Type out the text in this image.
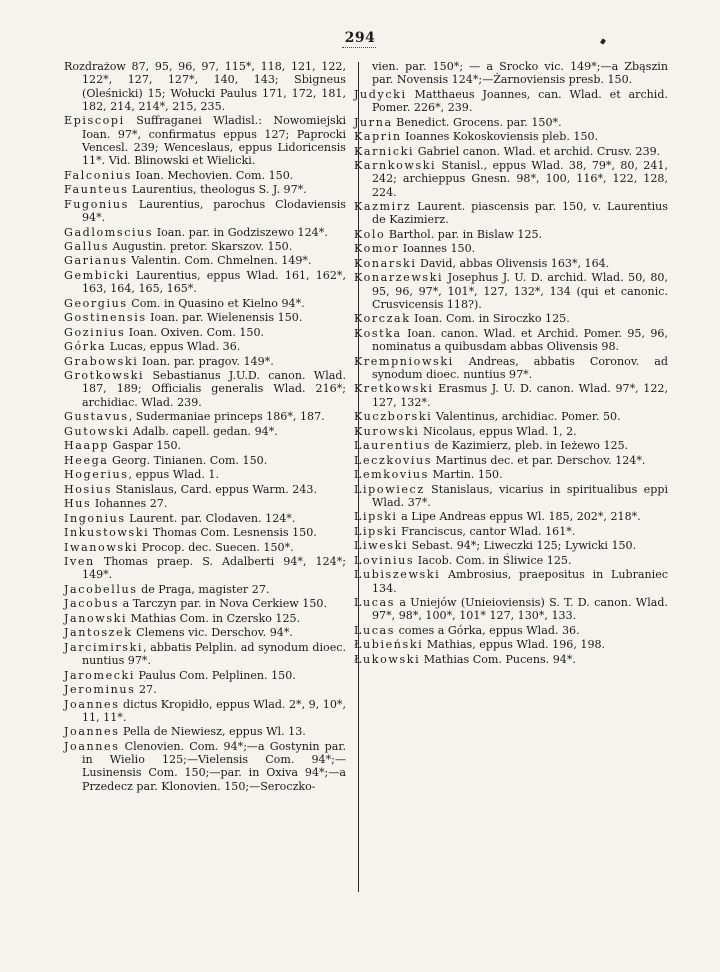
294
Rozdrażow 87, 95, 96, 97, 115*, 118, 121, 122, 122*, 127, 127*, 140, 143; Sbigneus (Oleśnicki) 15; Wołucki Paulus 171, 172, 181, 182, 214, 214*, 215, 235.
Episcopi Suffraganei Wladisl.: Nowomiejski Ioan. 97*, confirmatus eppus 127; Paprocki Vencesl. 239; Wenceslaus, eppus Lidoricensis 11*. Vid. Blinowski et Wielicki.
Falconius Ioan. Mechovien. Com. 150.
Faunteus Laurentius, theologus S. J. 97*.
Fugonius Laurentius, parochus Clodaviensis 94*.
Gadlomscius Ioan. par. in Godziszewo 124*.
Gallus Augustin. pretor. Skarszov. 150.
Garianus Valentin. Com. Chmelnen. 149*.
Gembicki Laurentius, eppus Wlad. 161, 162*, 163, 164, 165, 165*.
Georgius Com. in Quasino et Kielno 94*.
Gostinensis Ioan. par. Wielenensis 150.
Gozinius Ioan. Oxiven. Com. 150.
Górka Lucas, eppus Wlad. 36.
Grabowski Ioan. par. pragov. 149*.
Grotkowski Sebastianus J.U.D. canon. Wlad. 187, 189; Officialis generalis Wlad. 216*; archidiac. Wlad. 239.
Gustavus, Sudermaniae princeps 186*, 187.
Gutowski Adalb. capell. gedan. 94*.
Haapp Gaspar 150.
Heega Georg. Tinianen. Com. 150.
Hogerius, eppus Wlad. 1.
Hosius Stanislaus, Card. eppus Warm. 243.
Hus Iohannes 27.
Ingonius Laurent. par. Clodaven. 124*.
Inkustowski Thomas Com. Lesnensis 150.
Iwanowski Procop. dec. Suecen. 150*.
Iven Thomas praep. S. Adalberti 94*, 124*; 149*.
Jacobellus de Praga, magister 27.
Jacobus a Tarczyn par. in Nova Cerkiew 150.
Janowski Mathias Com. in Czersko 125.
Jantoszek Clemens vic. Derschov. 94*.
Jarcimirski, abbatis Pelplin. ad synodum dioec. nuntius 97*.
Jaromecki Paulus Com. Pelplinen. 150.
Jerominus 27.
Joannes dictus Kropidło, eppus Wlad. 2*, 9, 10*, 11, 11*.
Joannes Pella de Niewiesz, eppus Wl. 13.
Joannes Clenovien. Com. 94*;—a Gostynin par. in Wielio 125;—Vielensis Com. 94*;—Lusinensis Com. 150;—par. in Oxiva 94*;—a Przedecz par. Klonovien. 150;—Seroczko-
vien. par. 150*; — a Srocko vic. 149*;—a Zbąszin par. Novensis 124*;—Żarnoviensis presb. 150.
Judycki Matthaeus Joannes, can. Wlad. et archid. Pomer. 226*, 239.
Jurna Benedict. Grocens. par. 150*.
Kaprin Ioannes Kokoskoviensis pleb. 150.
Karnicki Gabriel canon. Wlad. et archid. Crusv. 239.
Karnkowski Stanisl., eppus Wlad. 38, 79*, 80, 241, 242; archieppus Gnesn. 98*, 100, 116*, 122, 128, 224.
Kazmirz Laurent. piascensis par. 150, v. Laurentius de Kazimierz.
Kolo Barthol. par. in Bislaw 125.
Komor Ioannes 150.
Konarski David, abbas Olivensis 163*, 164.
Konarzewski Josephus J. U. D. archid. Wlad. 50, 80, 95, 96, 97*, 101*, 127, 132*, 134 (qui et canonic. Crusvicensis 118?).
Korczak Ioan. Com. in Siroczko 125.
Kostka Ioan. canon. Wlad. et Archid. Pomer. 95, 96, nominatus a quibusdam abbas Olivensis 98.
Krempniowski Andreas, abbatis Coronov. ad synodum dioec. nuntius 97*.
Kretkowski Erasmus J. U. D. canon. Wlad. 97*, 122, 127, 132*.
Kuczborski Valentinus, archidiac. Pomer. 50.
Kurowski Nicolaus, eppus Wlad. 1, 2.
Laurentius de Kazimierz, pleb. in Ieżewo 125.
Leczkovius Martinus dec. et par. Derschov. 124*.
Lemkovius Martin. 150.
Lipowiecz Stanislaus, vicarius in spiritualibus eppi Wlad. 37*.
Lipski a Lipe Andreas eppus Wl. 185, 202*, 218*.
Lipski Franciscus, cantor Wlad. 161*.
Liweski Sebast. 94*; Liweczki 125; Lywicki 150.
Lovinius Iacob. Com. in Śliwice 125.
Lubiszewski Ambrosius, praepositus in Lubraniec 134.
Lucas a Uniejów (Unieioviensis) S. T. D. canon. Wlad. 97*, 98*, 100*, 101* 127, 130*, 133.
Lucas comes a Górka, eppus Wlad. 36.
Łubieński Mathias, eppus Wlad. 196, 198.
Łukowski Mathias Com. Pucens. 94*.
